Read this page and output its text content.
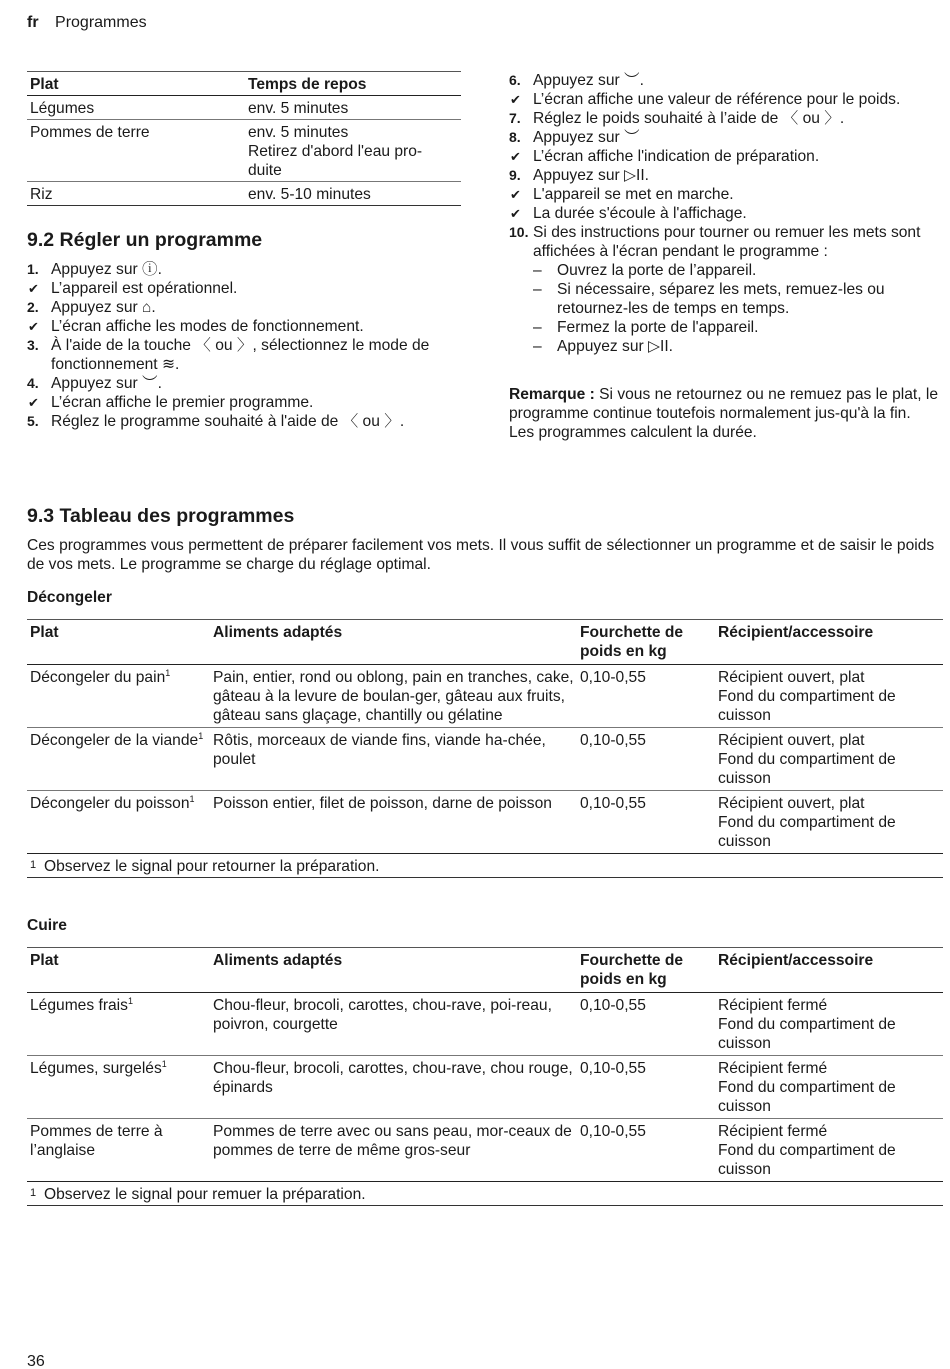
fr Programmes
Plat	Temps de repos
Légumes	env. 5 minutes
Pommes de terre	env. 5 minutes
Retirez d'abord l'eau pro-
duite

Riz	env. 5-10 minutes
9.2 Régler un programme
1. Appuyez sur ⓘ.
✔ L’appareil est opérationnel.
2. Appuyez sur ⌂.
✔ L’écran affiche les modes de fonctionnement.
3. À l'aide de la touche 〈 ou 〉, sélectionnez le mode de fonctionnement ≋.
4. Appuyez sur ︶.
✔ L’écran affiche le premier programme.
5. Réglez le programme souhaité à l'aide de 〈 ou 〉.
6. Appuyez sur ︶.
✔ L’écran affiche une valeur de référence pour le poids.
7. Réglez le poids souhaité à l’aide de 〈 ou 〉.
8. Appuyez sur ︶
✔ L’écran affiche l'indication de préparation.
9. Appuyez sur ▷II.
✔ L'appareil se met en marche.
✔ La durée s'écoule à l'affichage.
10. Si des instructions pour tourner ou remuer les mets sont affichées à l'écran pendant le programme :
– Ouvrez la porte de l’appareil.
– Si nécessaire, séparez les mets, remuez-les ou retournez-les de temps en temps.
– Fermez la porte de l'appareil.
– Appuyez sur ▷II.
Remarque : Si vous ne retournez ou ne remuez pas le plat, le programme continue toutefois normalement jus-qu'à la fin.
Les programmes calculent la durée.
9.3 Tableau des programmes
Ces programmes vous permettent de préparer facilement vos mets. Il vous suffit de sélectionner un programme et de saisir le poids de vos mets. Le programme se charge du réglage optimal.
Décongeler
Plat	Aliments adaptés	Fourchette de poids en kg	Récipient/accessoire
Décongeler du pain$^1$	Pain, entier, rond ou oblong, pain en tranches, cake, gâteau à la levure de boulan-ger, gâteau aux fruits, gâteau sans glaçage, chantilly ou gélatine	0,10-0,55	Récipient ouvert, plat
Fond du compartiment de cuisson

Décongeler de la viande$^1$	Rôtis, morceaux de viande fins, viande ha-chée, poulet	0,10-0,55	Récipient ouvert, plat
Fond du compartiment de cuisson

Décongeler du poisson$^1$	Poisson entier, filet de poisson, darne de poisson	0,10-0,55	Récipient ouvert, plat
Fond du compartiment de cuisson

1 Observez le signal pour retourner la préparation.			
Cuire
Plat	Aliments adaptés	Fourchette de poids en kg	Récipient/accessoire
Légumes frais$^1$	Chou-fleur, brocoli, carottes, chou-rave, poi-reau, poivron, courgette	0,10-0,55	Récipient fermé
Fond du compartiment de cuisson

Légumes, surgelés$^1$	Chou-fleur, brocoli, carottes, chou-rave, chou rouge, épinards	0,10-0,55	Récipient fermé
Fond du compartiment de cuisson

Pommes de terre à l’anglaise	Pommes de terre avec ou sans peau, mor-ceaux de pommes de terre de même gros-seur	0,10-0,55	Récipient fermé
Fond du compartiment de cuisson

1 Observez le signal pour remuer la préparation.			
36
